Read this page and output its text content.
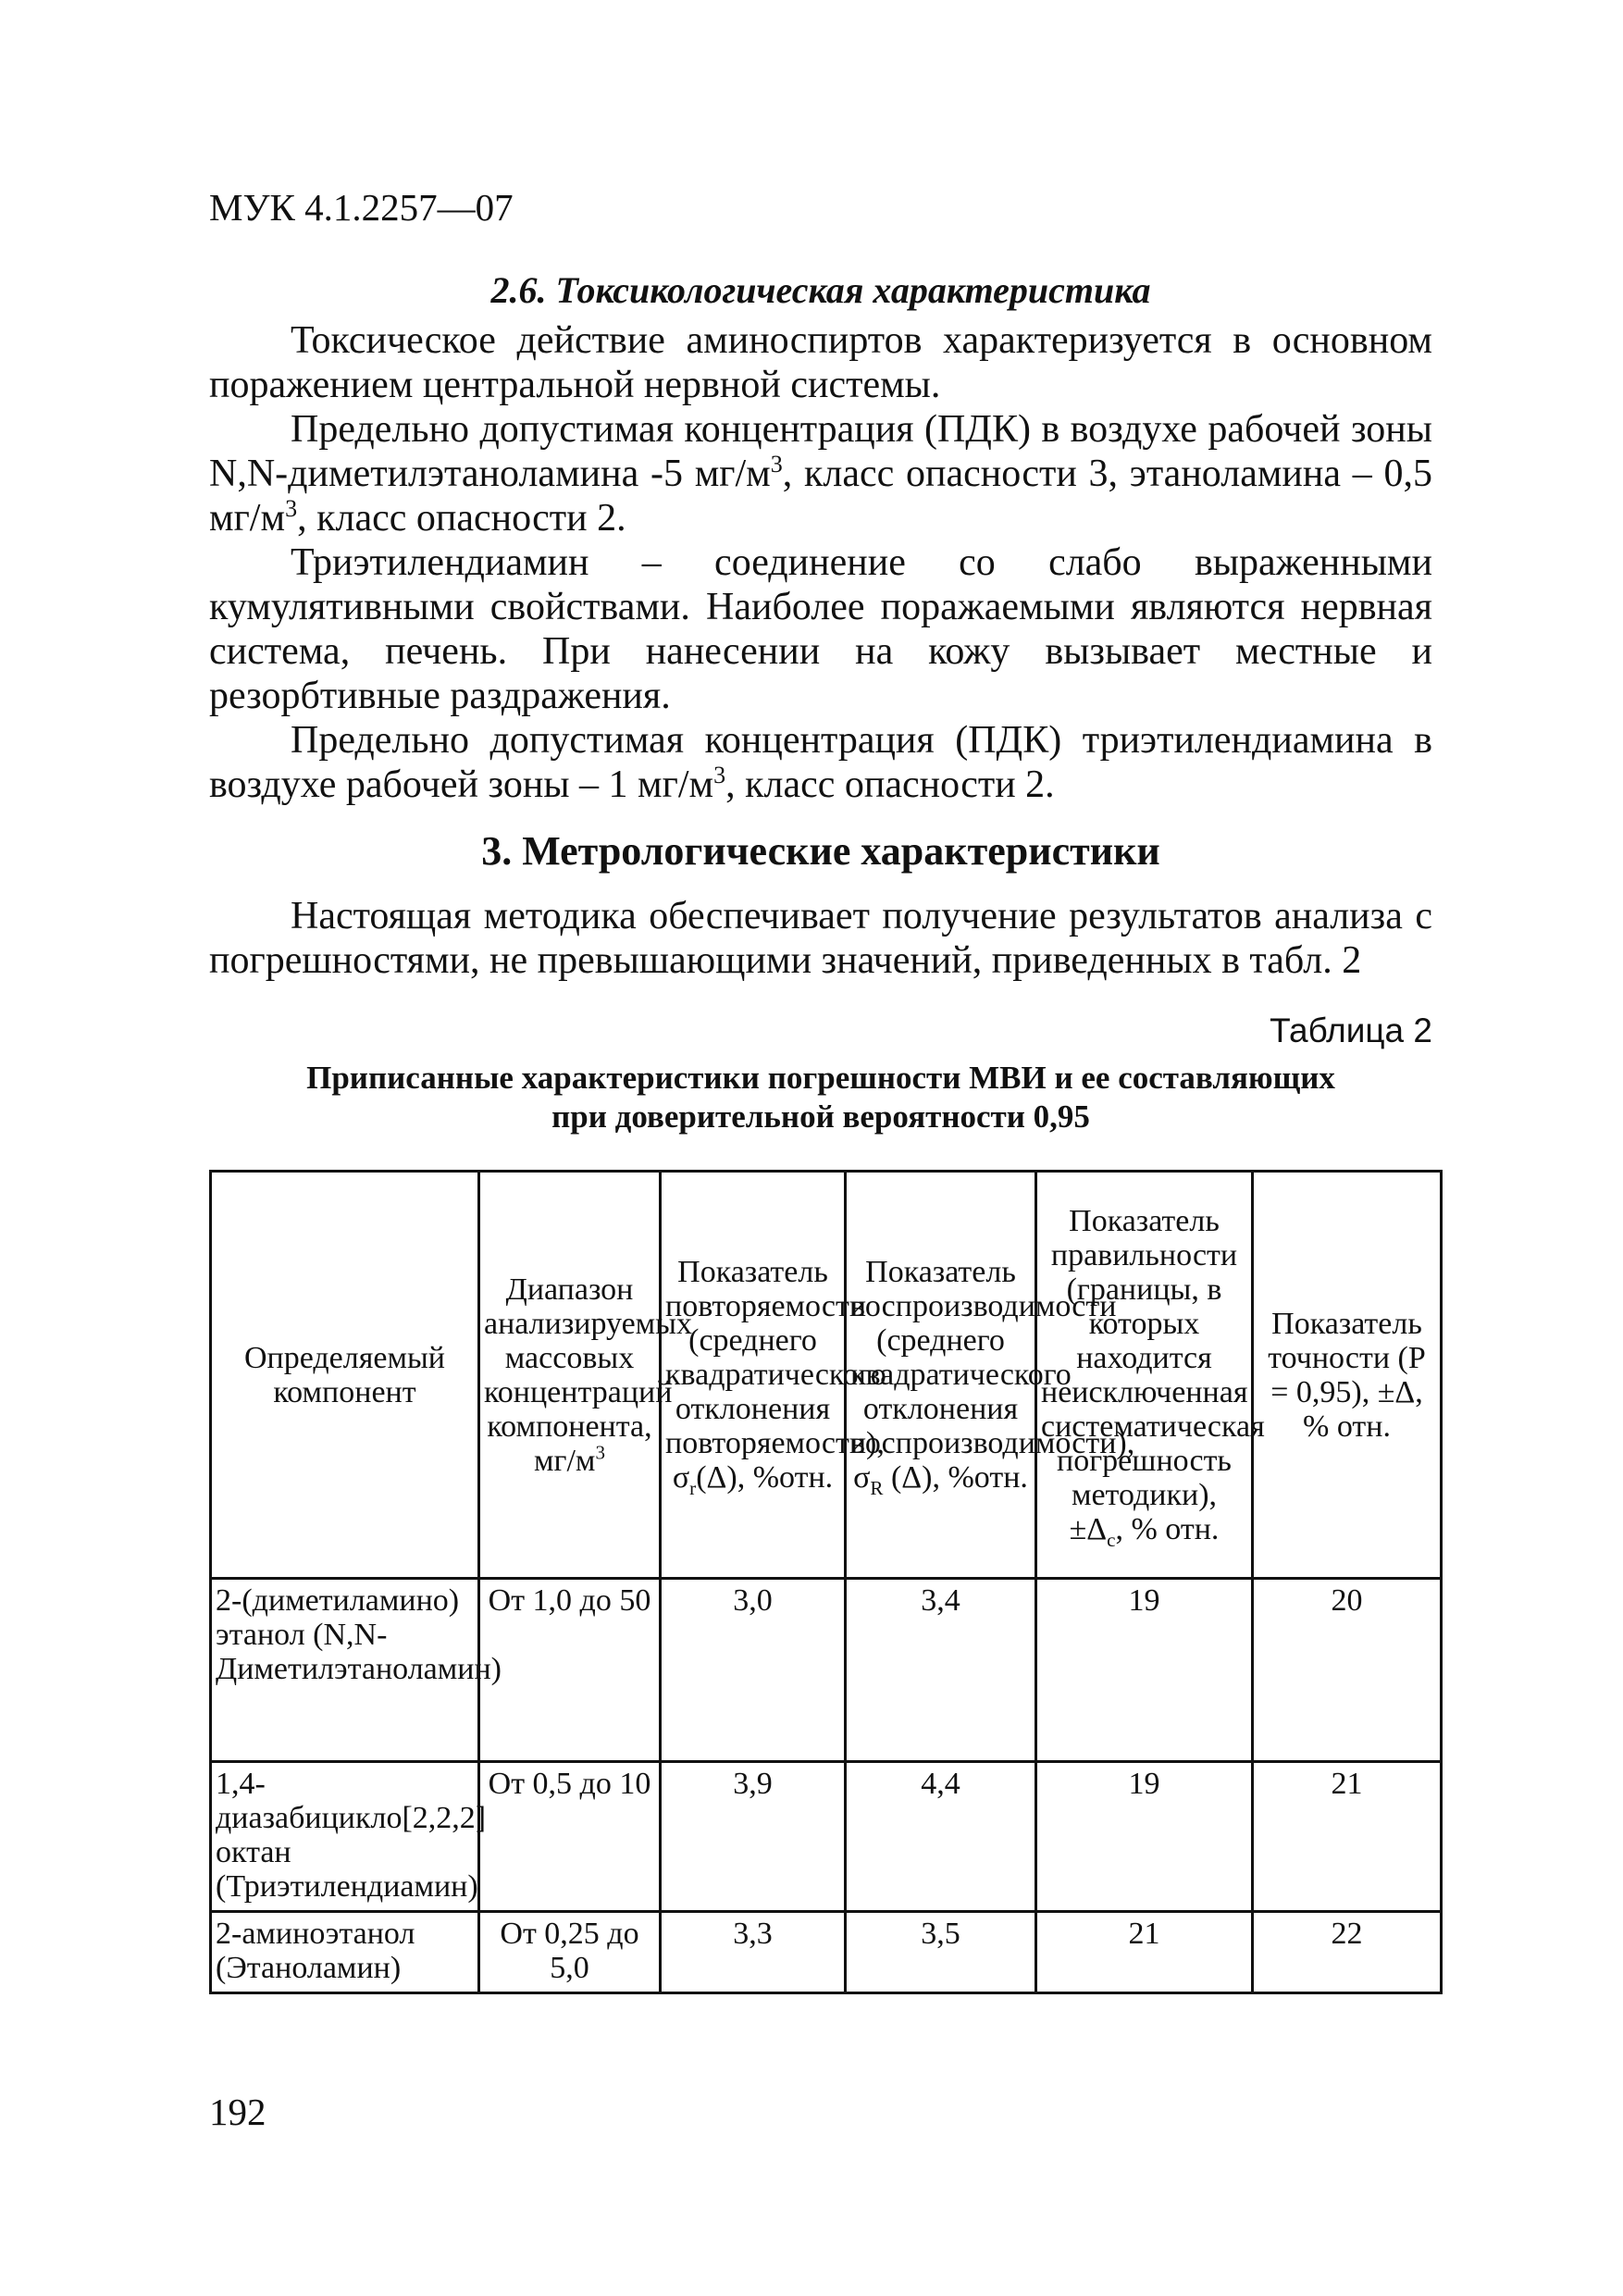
МУК 4.1.2257—07
2.6. Токсикологическая характеристика

Токсическое действие аминоспиртов характеризуется в основном поражением центральной нервной системы.

Предельно допустимая концентрация (ПДК) в воздухе рабочей зоны N,N-диметилэтаноламина -5 $мг/м^3$, класс опасности 3, этаноламина – 0,5 $мг/м^3$, класс опасности 2.

Триэтилендиамин – соединение со слабо выраженными кумулятивными свойствами. Наиболее поражаемыми являются нервная система, печень. При нанесении на кожу вызывает местные и резорбтивные раздражения.

Предельно допустимая концентрация (ПДК) триэтилендиамина в воздухе рабочей зоны – 1 $мг/м^3$, класс опасности 2.

3. Метрологические характеристики

Настоящая методика обеспечивает получение результатов анализа с погрешностями, не превышающими значений, приведенных в табл. 2

Таблица 2
Приписанные характеристики погрешности МВИ и ее составляющих
при доверительной вероятности 0,95
Определяемый компонент	Диапазон анализируемых массовых концентраций компонента, $мг/м^3$	Показатель повторяемости (среднего квадратического отклонения повторяемости), $\sigma_r(\Delta)$, %отн.	Показатель воспроизводимости (среднего квадратического отклонения воспроизводимости), $\sigma_R$ (Δ), %отн.	Показатель правильности (границы, в которых находится неисключенная систематическая погрешность методики), $\pm\Delta_c$, % отн.	Показатель точности (P = 0,95), ±Δ, % отн.
2-(диметиламино) этанол (N,N-Диметилэтаноламин)	От 1,0 до 50	3,0	3,4	19	20
1,4-диазабицикло[2,2,2] октан (Триэтилендиамин)	От 0,5 до 10	3,9	4,4	19	21
2-аминоэтанол (Этаноламин)	От 0,25 до 5,0	3,3	3,5	21	22
192
